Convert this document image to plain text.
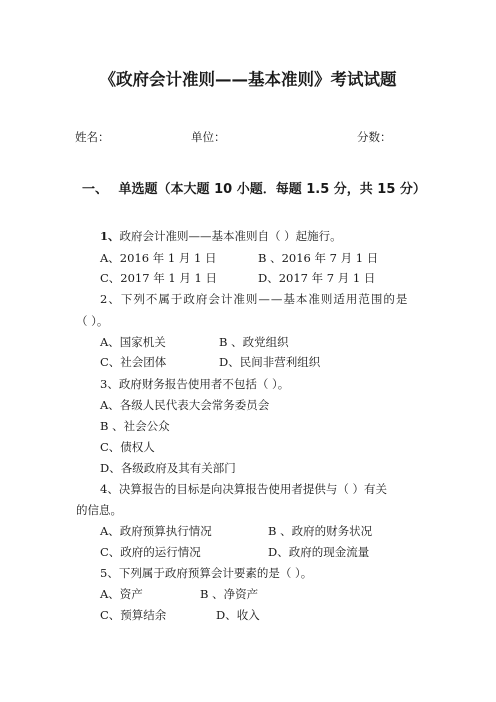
《政府会计准则——基本准则》考试试题
姓名：	单位：	分数：
一、 单选题（本大题 10 小题．每题 1.5 分，共 15 分）
1、政府会计准则——基本准则自（ ）起施行。
A、2016 年 1 月 1 日	B 、2016 年 7 月 1 日
C、2017 年 1 月 1 日	D、2017 年 7 月 1 日
2、下列不属于政府会计准则——基本准则适用范围的是
（ ）。
A、国家机关	B 、政党组织
C、社会团体	D、民间非营利组织
3、政府财务报告使用者不包括（ ）。
A、各级人民代表大会常务委员会
B 、社会公众
C、债权人
D、各级政府及其有关部门
4、决算报告的目标是向决算报告使用者提供与（ ）有关
的信息。
A、政府预算执行情况	B 、政府的财务状况
C、政府的运行情况	D、政府的现金流量
5、下列属于政府预算会计要素的是（ ）。
A、资产	B 、净资产
C、预算结余	D、收入
